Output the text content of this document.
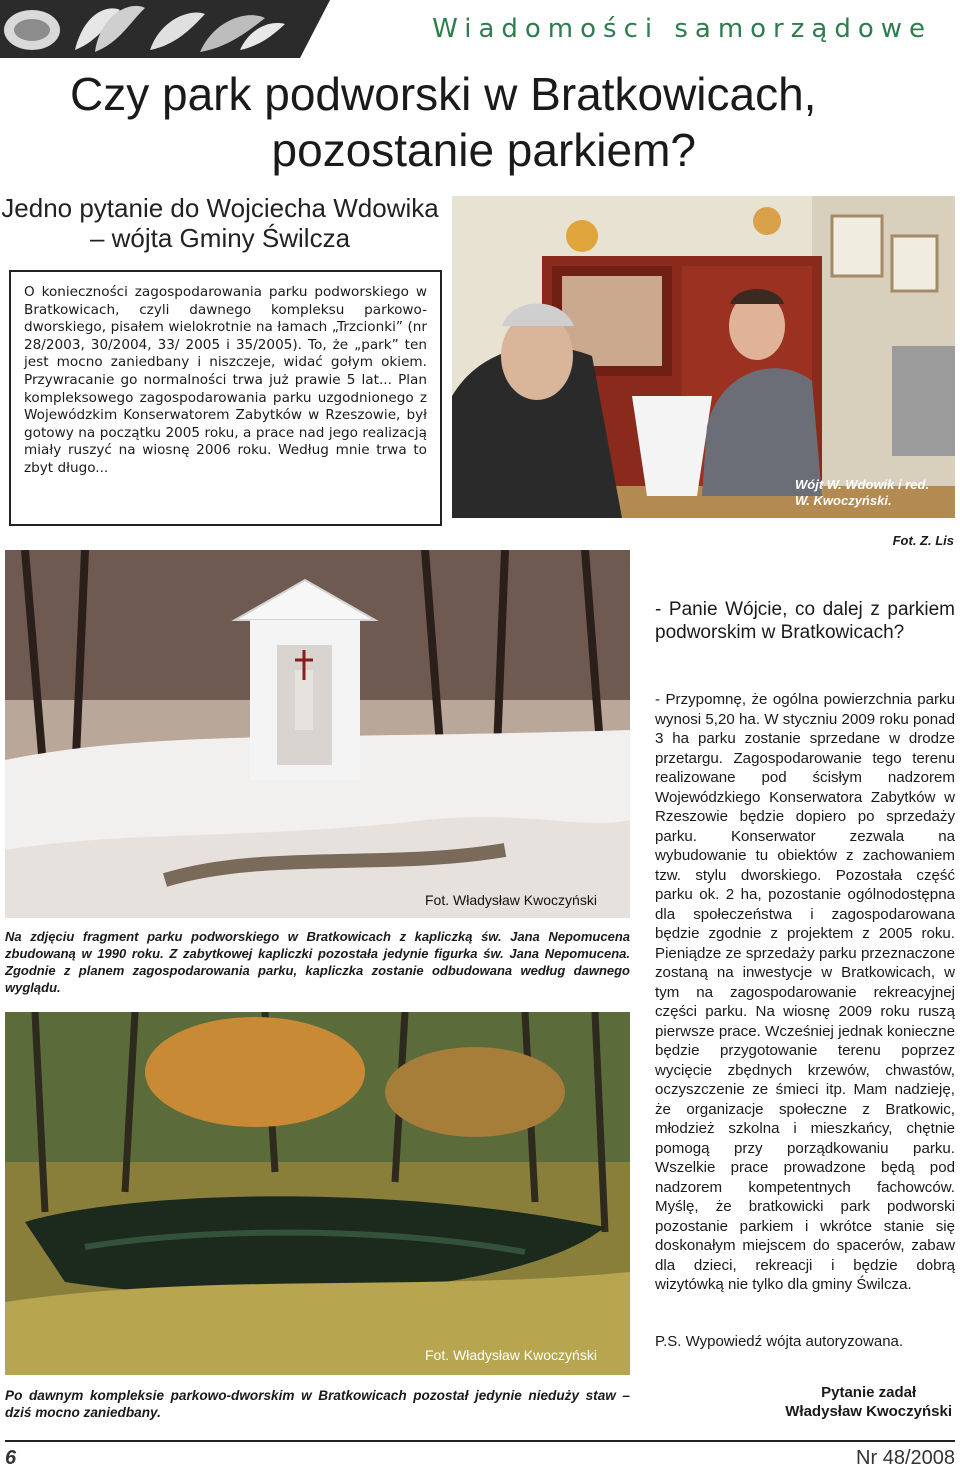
Wiadomości samorządowe
Czy park podworski w Bratkowicach,
pozostanie parkiem?
Jedno pytanie do Wojciecha Wdowika
– wójta Gminy Świlcza
O konieczności zagospodarowania parku podworskiego w Bratkowicach, czyli dawnego kompleksu parkowo-dworskiego, pisałem wielokrotnie na łamach „Trzcionki” (nr 28/2003, 30/2004, 33/ 2005 i 35/2005). To, że „park” ten jest mocno zaniedbany i niszczeje, widać gołym okiem. Przywracanie go normalności trwa już prawie 5 lat... Plan kompleksowego zagospodarowania parku uzgodnionego z Wojewódzkim Konserwatorem Zabytków w Rzeszowie, był gotowy na początku 2005 roku, a prace nad jego realizacją miały ruszyć na wiosnę 2006 roku. Według mnie trwa to zbyt długo...
Wójt W. Wdowik i red.
W. Kwoczyński.
Fot. Z. Lis
Fot. Władysław Kwoczyński
Na zdjęciu fragment parku podworskiego w Bratkowicach z kapliczką św. Jana Nepomucena zbudowaną w 1990 roku. Z zabytkowej kapliczki pozostała jedynie figurka św. Jana Nepomucena. Zgodnie z planem zagospodarowania parku, kapliczka zostanie odbudowana według dawnego wyglądu.
Fot. Władysław Kwoczyński
Po dawnym kompleksie parkowo-dworskim w Bratkowicach pozostał jedynie nieduży staw – dziś mocno zaniedbany.
- Panie Wójcie, co dalej z parkiem podworskim w Bratkowicach?

- Przypomnę, że ogólna powierzchnia parku wynosi 5,20 ha. W styczniu 2009 roku ponad 3 ha parku zostanie sprzedane w drodze przetargu. Zagospodarowanie tego terenu realizowane pod ścisłym nadzorem Wojewódzkiego Konserwatora Zabytków w Rzeszowie będzie dopiero po sprzedaży parku. Konserwator zezwala na wybudowanie tu obiektów z zachowaniem tzw. stylu dworskiego. Pozostała część parku ok. 2 ha, pozostanie ogólnodostępna dla społeczeństwa i zagospodarowana będzie zgodnie z projektem z 2005 roku. Pieniądze ze sprzedaży parku przeznaczone zostaną na inwestycje w Bratkowicach, w tym na zagospodarowanie rekreacyjnej części parku. Na wiosnę 2009 roku ruszą pierwsze prace. Wcześniej jednak konieczne będzie przygotowanie terenu poprzez wycięcie zbędnych krzewów, chwastów, oczyszczenie ze śmieci itp. Mam nadzieję, że organizacje społeczne z Bratkowic, młodzież szkolna i mieszkańcy, chętnie pomogą przy porządkowaniu parku. Wszelkie prace prowadzone będą pod nadzorem kompetentnych fachowców. Myślę, że bratkowicki park podworski pozostanie parkiem i wkrótce stanie się doskonałym miejscem do spacerów, zabaw dla dzieci, rekreacji i będzie dobrą wizytówką nie tylko dla gminy Świlcza.

P.S. Wypowiedź wójta autoryzowana.
Pytanie zadał
Władysław Kwoczyński
6	Nr 48/2008
